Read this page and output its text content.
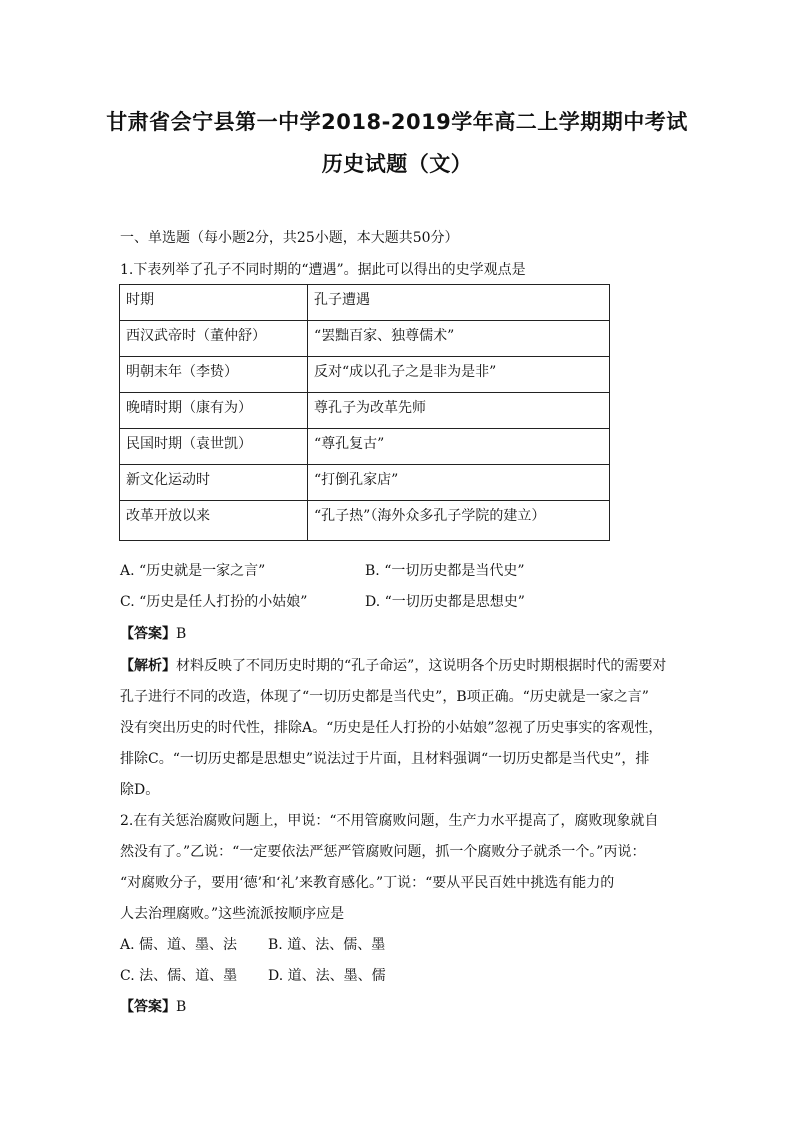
甘肃省会宁县第一中学2018-2019学年高二上学期期中考试
历史试题（文）
一、单选题（每小题2分，共25小题，本大题共50分）
1.下表列举了孔子不同时期的“遭遇”。据此可以得出的史学观点是
时期	孔子遭遇
西汉武帝时（董仲舒）	“罢黜百家、独尊儒术”
明朝末年（李贽）	反对“成以孔子之是非为是非”
晚晴时期（康有为）	尊孔子为改革先师
民国时期（袁世凯）	“尊孔复古”
新文化运动时	“打倒孔家店”
改革开放以来	“孔子热”（海外众多孔子学院的建立）
A. “历史就是一家之言”	B. “一切历史都是当代史”
C. “历史是任人打扮的小姑娘”	D. “一切历史都是思想史”
【答案】B
【解析】材料反映了不同历史时期的“孔子命运”，这说明各个历史时期根据时代的需要对
孔子进行不同的改造，体现了“一切历史都是当代史”，B项正确。“历史就是一家之言”
没有突出历史的时代性，排除A。“历史是任人打扮的小姑娘”忽视了历史事实的客观性，
排除C。“一切历史都是思想史”说法过于片面，且材料强调“一切历史都是当代史”，排
除D。
2.在有关惩治腐败问题上，甲说：“不用管腐败问题，生产力水平提高了，腐败现象就自
然没有了。”乙说：“一定要依法严惩严管腐败问题，抓一个腐败分子就杀一个。”丙说：
“对腐败分子，要用‘德’和‘礼’来教育感化。”丁说：“要从平民百姓中挑选有能力的
人去治理腐败。”这些流派按顺序应是
A. 儒、道、墨、法 B. 道、法、儒、墨
C. 法、儒、道、墨 D. 道、法、墨、儒
【答案】B
